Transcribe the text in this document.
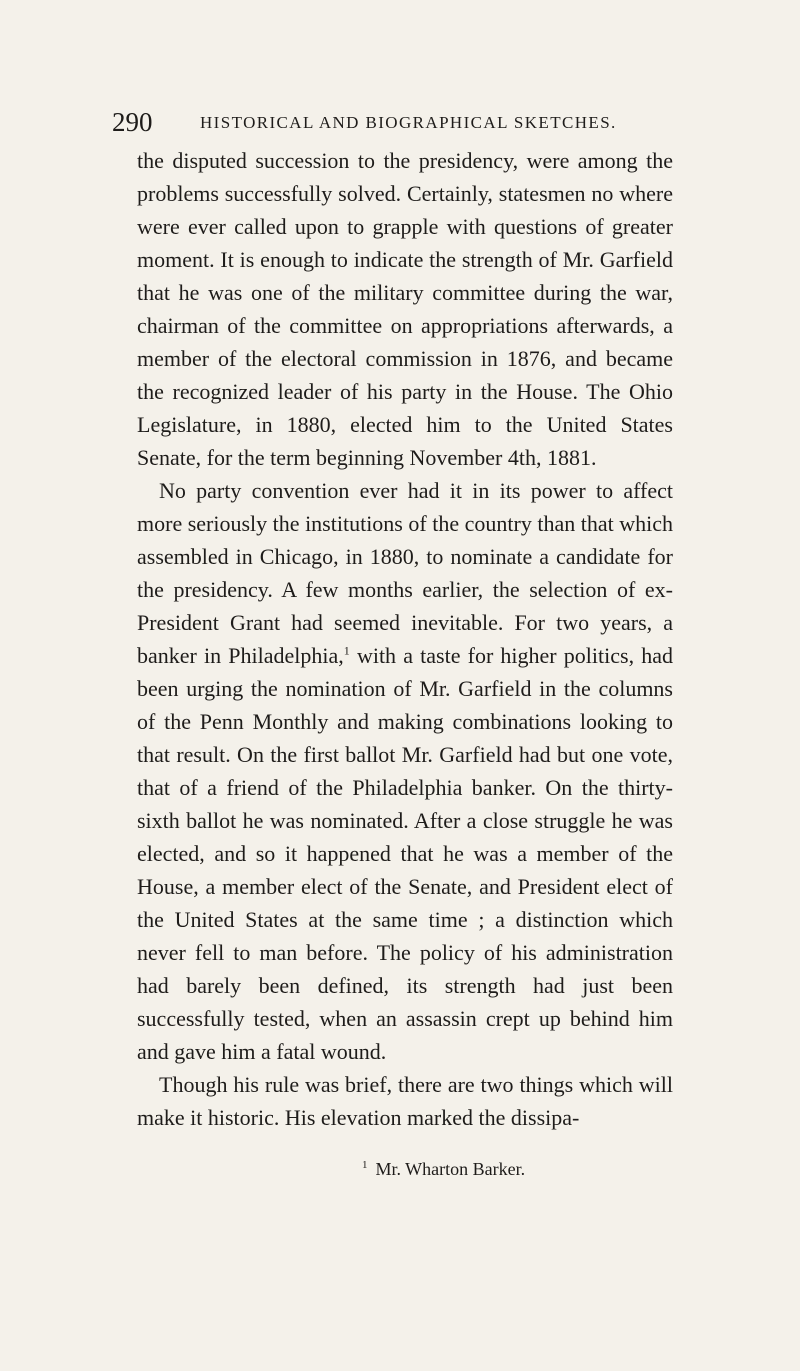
290	HISTORICAL AND BIOGRAPHICAL SKETCHES.

the disputed succession to the presidency, were among the problems successfully solved. Certainly, statesmen no where were ever called upon to grapple with questions of greater moment. It is enough to indicate the strength of Mr. Garfield that he was one of the military committee during the war, chairman of the committee on appropriations afterwards, a member of the electoral commission in 1876, and became the recognized leader of his party in the House. The Ohio Legislature, in 1880, elected him to the United States Senate, for the term beginning November 4th, 1881.

No party convention ever had it in its power to affect more seriously the institutions of the country than that which assembled in Chicago, in 1880, to nominate a candidate for the presidency. A few months earlier, the selection of ex-President Grant had seemed inevitable. For two years, a banker in Philadelphia,$^1$ with a taste for higher politics, had been urging the nomination of Mr. Garfield in the columns of the Penn Monthly and making combinations looking to that result. On the first ballot Mr. Garfield had but one vote, that of a friend of the Philadelphia banker. On the thirty-sixth ballot he was nominated. After a close struggle he was elected, and so it happened that he was a member of the House, a member elect of the Senate, and President elect of the United States at the same time ; a distinction which never fell to man before. The policy of his administration had barely been defined, its strength had just been successfully tested, when an assassin crept up behind him and gave him a fatal wound.

Though his rule was brief, there are two things which will make it historic. His elevation marked the dissipa-

$^1$ Mr. Wharton Barker.
